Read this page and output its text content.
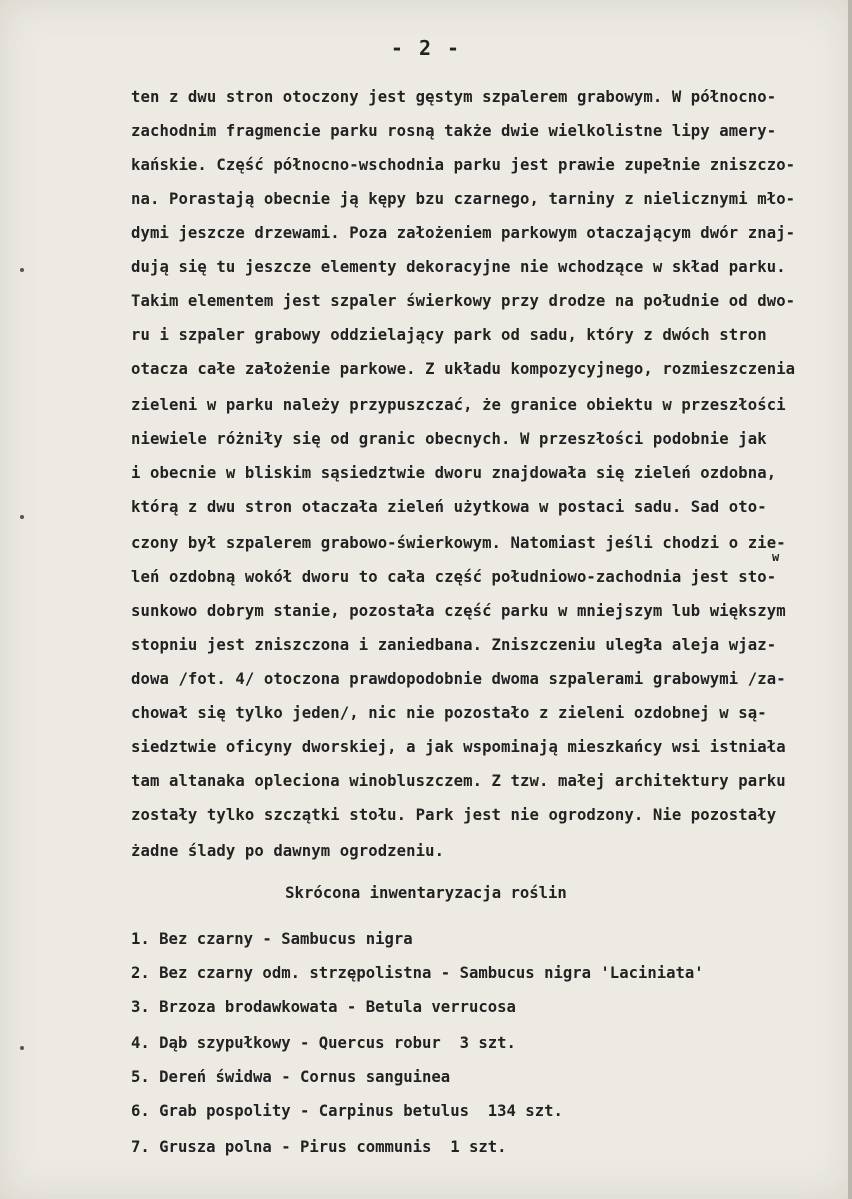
- 2 -
ten z dwu stron otoczony jest gęstym szpalerem grabowym. W północno-
zachodnim fragmencie parku rosną także dwie wielkolistne lipy amery-
kańskie. Część północno-wschodnia parku jest prawie zupełnie zniszczo-
na. Porastają obecnie ją kępy bzu czarnego, tarniny z nielicznymi mło-
dymi jeszcze drzewami. Poza założeniem parkowym otaczającym dwór znaj-
dują się tu jeszcze elementy dekoracyjne nie wchodzące w skład parku.
Takim elementem jest szpaler świerkowy przy drodze na południe od dwo-
ru i szpaler grabowy oddzielający park od sadu, który z dwóch stron
otacza całe założenie parkowe. Z układu kompozycyjnego, rozmieszczenia
zieleni w parku należy przypuszczać, że granice obiektu w przeszłości
niewiele różniły się od granic obecnych. W przeszłości podobnie jak
i obecnie w bliskim sąsiedztwie dworu znajdowała się zieleń ozdobna,
którą z dwu stron otaczała zieleń użytkowa w postaci sadu. Sad oto-
czony był szpalerem grabowo-świerkowym. Natomiast jeśli chodzi o zie-
w
leń ozdobną wokół dworu to cała część południowo-zachodnia jest sto-
sunkowo dobrym stanie, pozostała część parku w mniejszym lub większym
stopniu jest zniszczona i zaniedbana. Zniszczeniu uległa aleja wjaz-
dowa /fot. 4/ otoczona prawdopodobnie dwoma szpalerami grabowymi /za-
chował się tylko jeden/, nic nie pozostało z zieleni ozdobnej w są-
siedztwie oficyny dworskiej, a jak wspominają mieszkańcy wsi istniała
tam altanaka opleciona winobluszczem. Z tzw. małej architektury parku
zostały tylko szczątki stołu. Park jest nie ogrodzony. Nie pozostały
żadne ślady po dawnym ogrodzeniu.
Skrócona inwentaryzacja roślin
1. Bez czarny - Sambucus nigra
2. Bez czarny odm. strzępolistna - Sambucus nigra 'Laciniata'
3. Brzoza brodawkowata - Betula verrucosa
4. Dąb szypułkowy - Quercus robur  3 szt.
5. Dereń świdwa - Cornus sanguinea
6. Grab pospolity - Carpinus betulus  134 szt.
7. Grusza polna - Pirus communis  1 szt.
